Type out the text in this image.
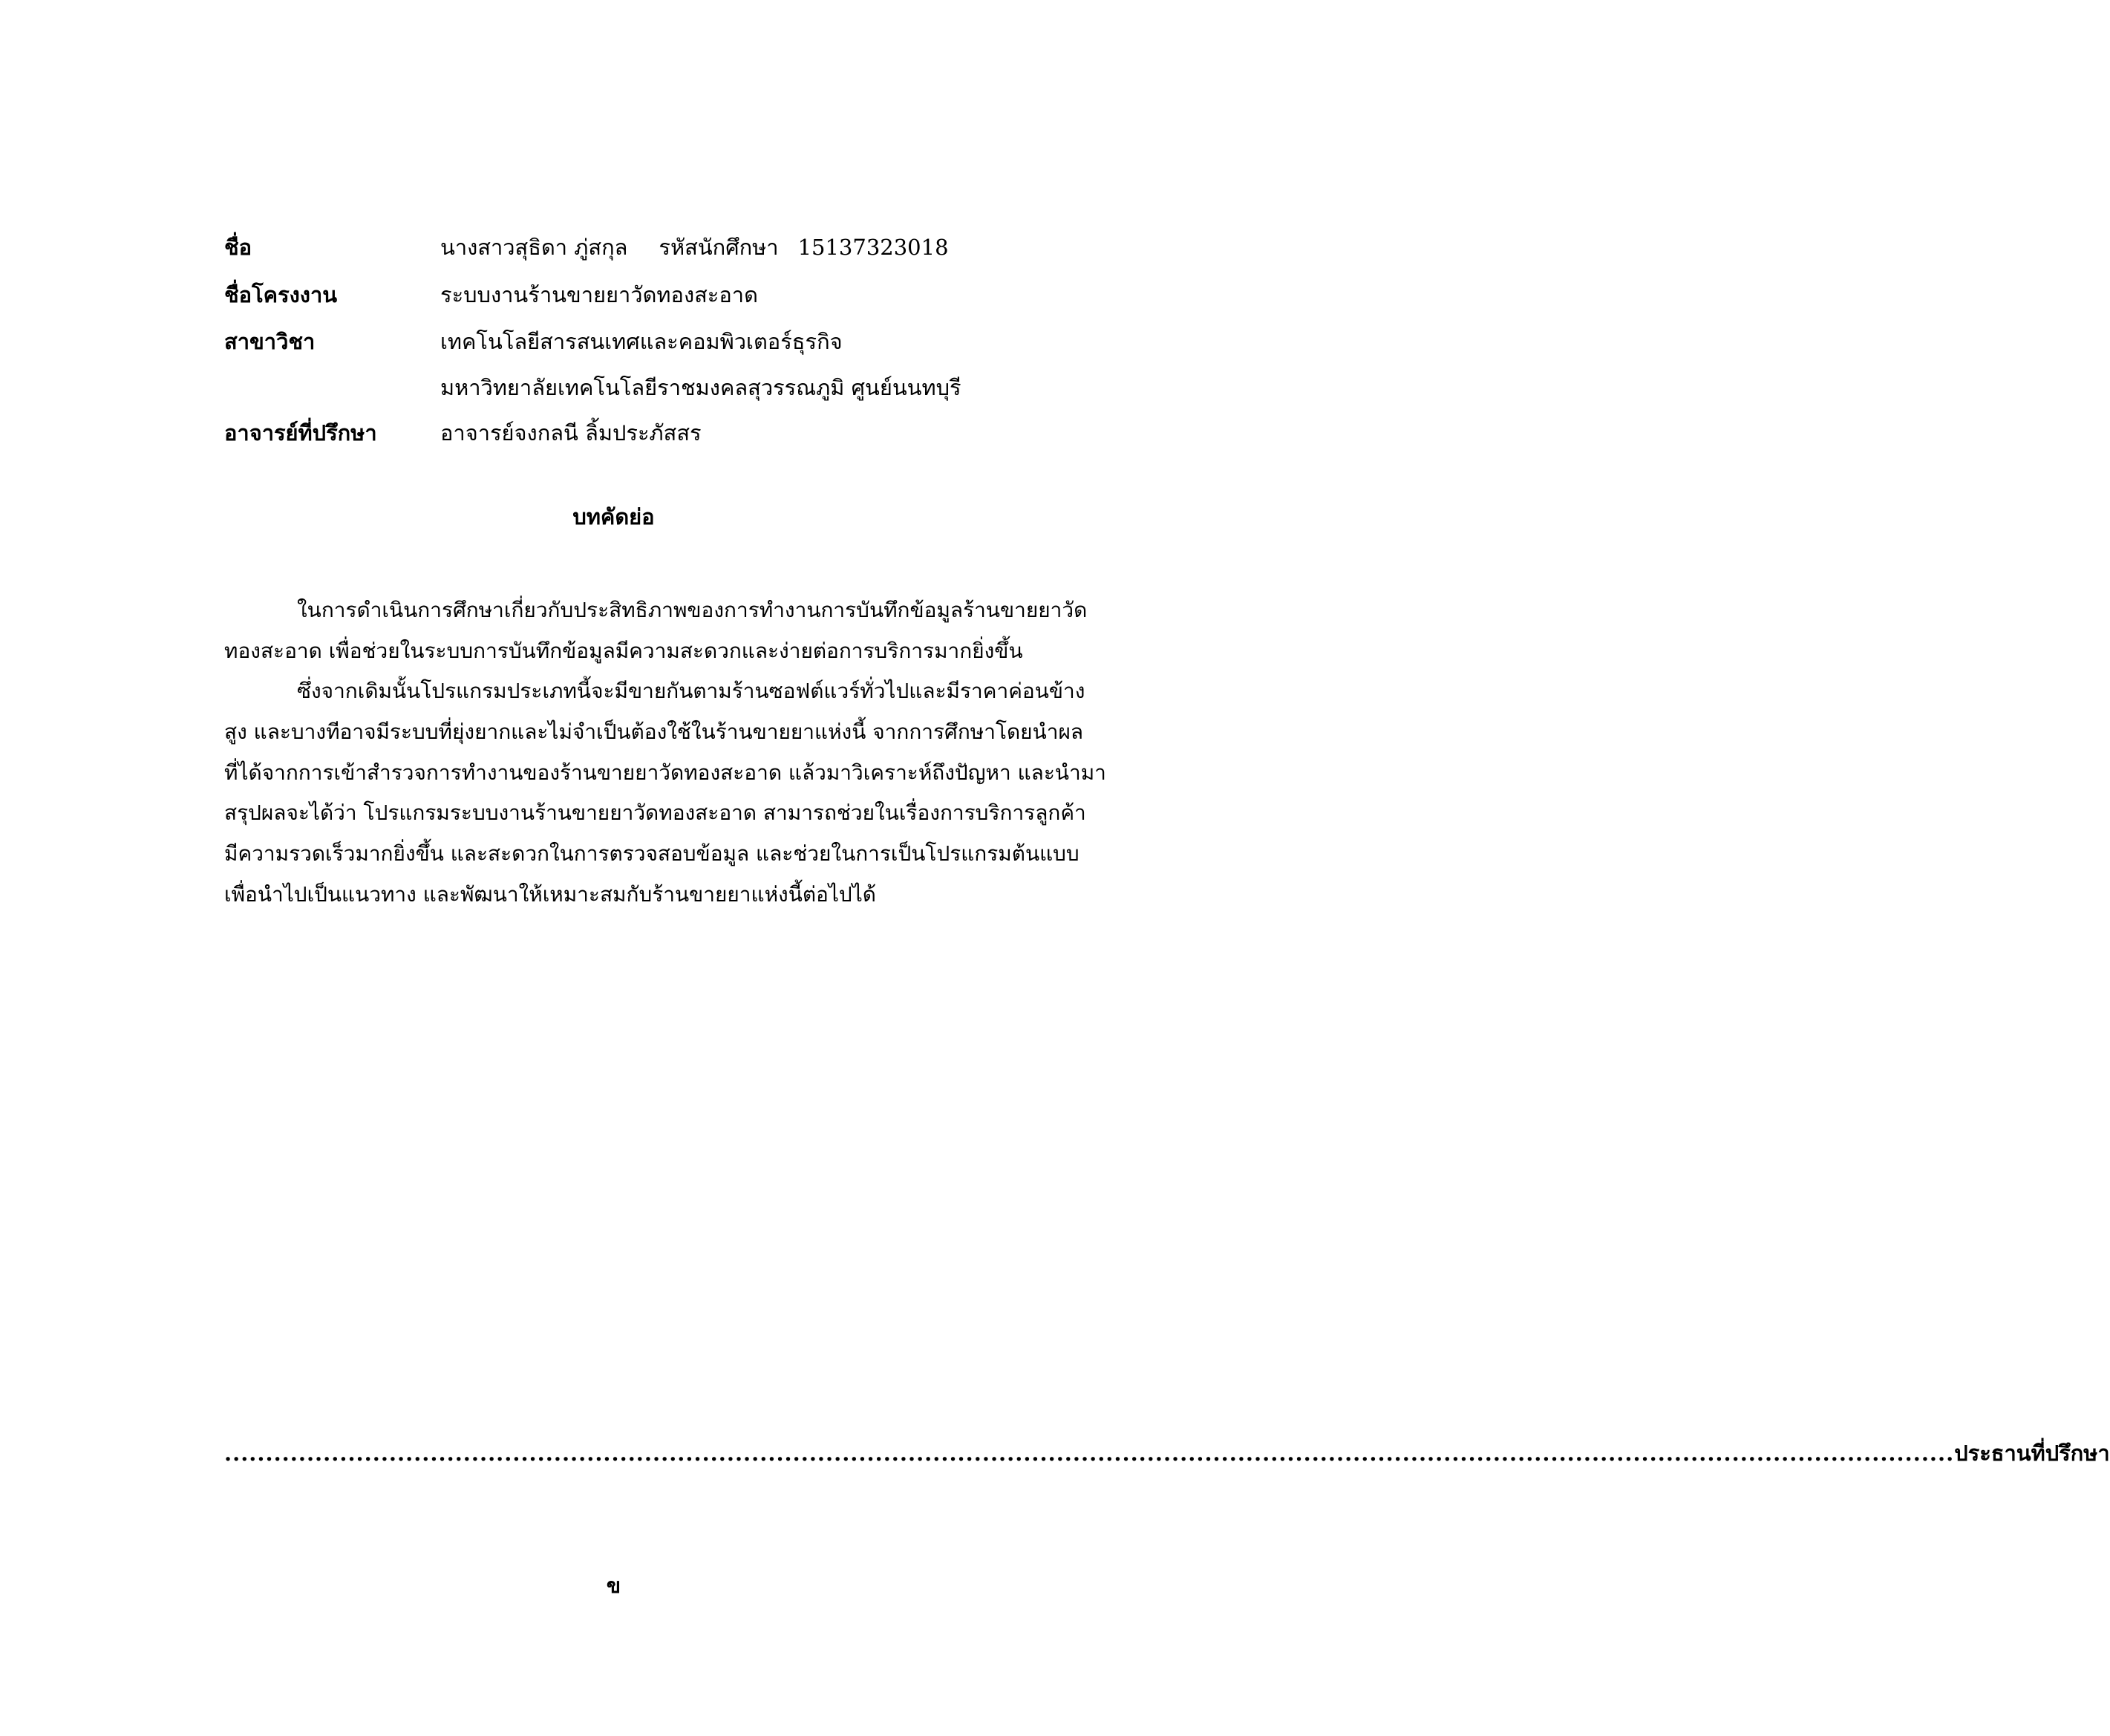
ชื่อ	นางสาวสุธิดา ภู่สกุล รหัสนักศึกษา 15137323018
ชื่อโครงงาน	ระบบงานร้านขายยาวัดทองสะอาด
สาขาวิชา	เทคโนโลยีสารสนเทศและคอมพิวเตอร์ธุรกิจ
มหาวิทยาลัยเทคโนโลยีราชมงคลสุวรรณภูมิ ศูนย์นนทบุรี
อาจารย์ที่ปรึกษา	อาจารย์จงกลนี ลิ้มประภัสสร
บทคัดย่อ
ในการดำเนินการศึกษาเกี่ยวกับประสิทธิภาพของการทำงานการบันทึกข้อมูลร้านขายยาวัด
ทองสะอาด เพื่อช่วยในระบบการบันทึกข้อมูลมีความสะดวกและง่ายต่อการบริการมากยิ่งขึ้น
ซึ่งจากเดิมนั้นโปรแกรมประเภทนี้จะมีขายกันตามร้านซอฟต์แวร์ทั่วไปและมีราคาค่อนข้าง
สูง และบางทีอาจมีระบบที่ยุ่งยากและไม่จำเป็นต้องใช้ในร้านขายยาแห่งนี้ จากการศึกษาโดยนำผล
ที่ได้จากการเข้าสำรวจการทำงานของร้านขายยาวัดทองสะอาด แล้วมาวิเคราะห์ถึงปัญหา และนำมา
สรุปผลจะได้ว่า โปรแกรมระบบงานร้านขายยาวัดทองสะอาด สามารถช่วยในเรื่องการบริการลูกค้า
มีความรวดเร็วมากยิ่งขึ้น และสะดวกในการตรวจสอบข้อมูล และช่วยในการเป็นโปรแกรมต้นแบบ
เพื่อนำไปเป็นแนวทาง และพัฒนาให้เหมาะสมกับร้านขายยาแห่งนี้ต่อไปได้
.................................................................................................................................................................................................................. ประธานที่ปรึกษา
ข
